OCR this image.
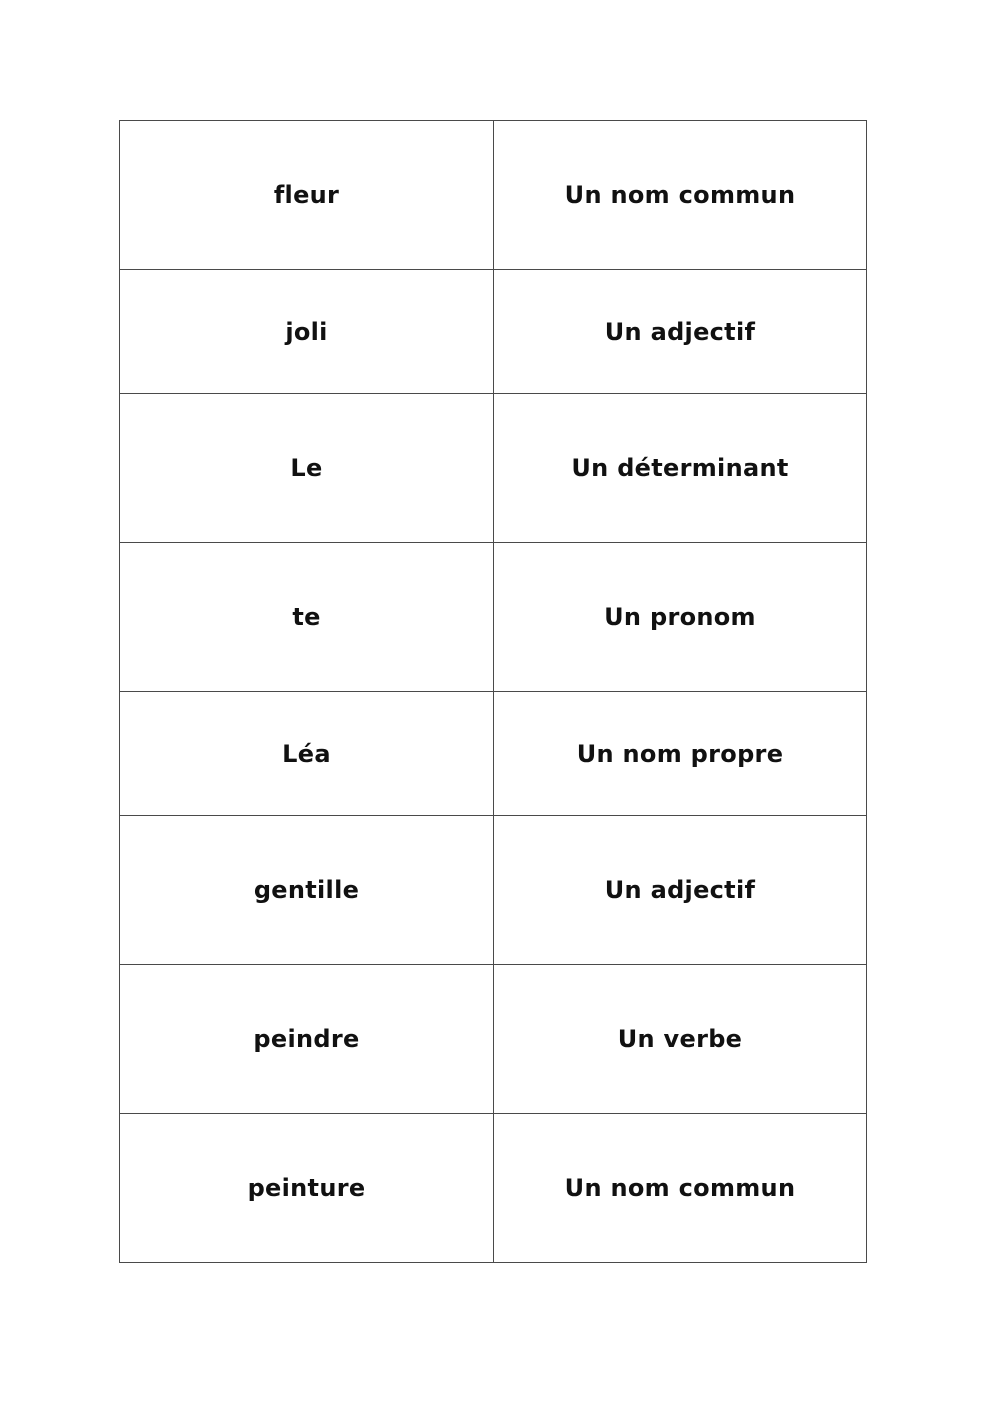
fleur	Un nom commun
joli	Un adjectif
Le	Un déterminant
te	Un pronom
Léa	Un nom propre
gentille	Un adjectif
peindre	Un verbe
peinture	Un nom commun
